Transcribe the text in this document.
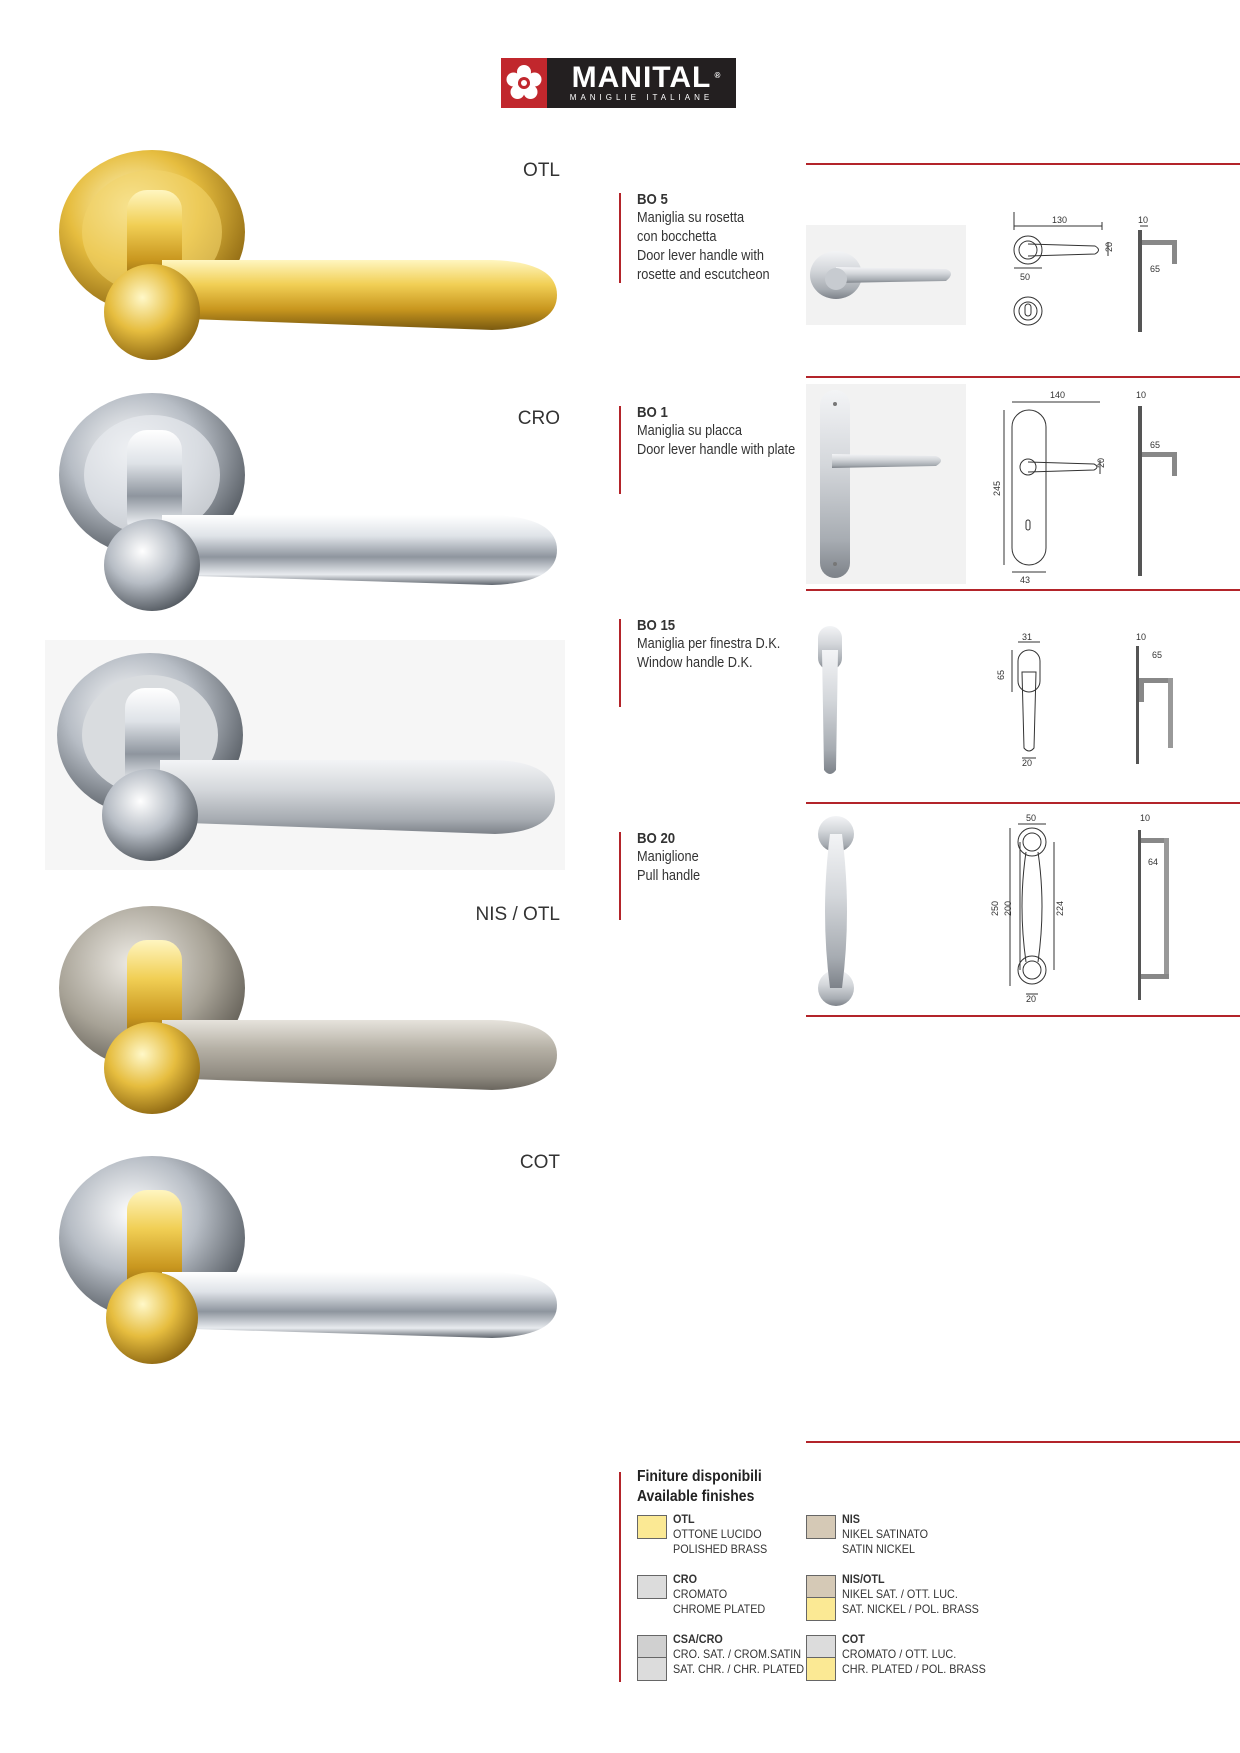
MANITAL ®
MANIGLIE ITALIANE
OTL
CRO
NIS / OTL
COT
BO 5
Maniglia su rosetta
con bocchetta
Door lever handle with
rosette and escutcheon
130
20
50
10
65
BO 1
Maniglia su placca
Door lever handle with plate
140
20
245
43
10
65
BO 15
Maniglia per finestra D.K.
Window handle D.K.
31
65
20
10
65
BO 20
Maniglione
Pull handle
50
250 200	224
20
10
64
Finiture disponibili
Available finishes
OTL
OTTONE LUCIDO
POLISHED BRASS
NIS
NIKEL SATINATO
SATIN NICKEL
CRO
CROMATO
CHROME PLATED
NIS/OTL
NIKEL SAT. / OTT. LUC.
SAT. NICKEL / POL. BRASS
CSA/CRO
CRO. SAT. / CROM.SATIN
SAT. CHR. / CHR. PLATED
COT
CROMATO / OTT. LUC.
CHR. PLATED / POL. BRASS
